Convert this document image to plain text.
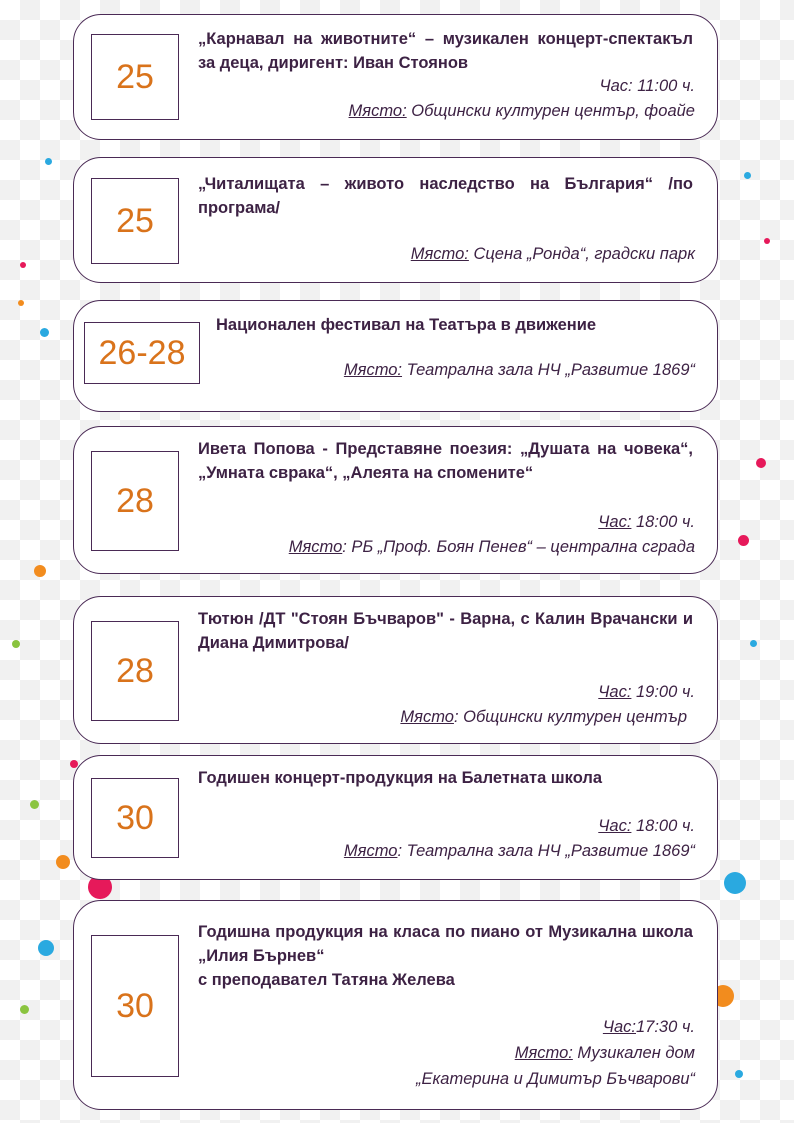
25
„Карнавал на животните“ – музикален концерт-спектакъл за деца, диригент: Иван Стоянов
Час: 11:00 ч.
Място: Общински културен център, фоайе
25
„Читалищата – живото наследство на България“ /по програма/
Място: Сцена „Ронда“, градски парк
26-28
Национален фестивал на Театъра в движение
Място: Театрална зала НЧ „Развитие 1869“
28
Ивета Попова - Представяне поезия: „Душата на човека“, „Умната сврака“, „Алеята на спомените“
Час: 18:00 ч.
Място: РБ „Проф. Боян Пенев“ – централна сграда
28
Тютюн /ДТ "Стоян Бъчваров" - Варна, с Калин Врачански и Диана Димитрова/
Час: 19:00 ч.
Място: Общински културен център
30
Годишен концерт-продукция на Балетната школа
Час: 18:00 ч.
Място: Театрална зала НЧ „Развитие 1869“
30
Годишна продукция на класа по пиано от Музикална школа „Илия Бърнев“
с преподавател Татяна Желева
Час:17:30 ч.
Място: Музикален дом
„Екатерина и Димитър Бъчварови“
